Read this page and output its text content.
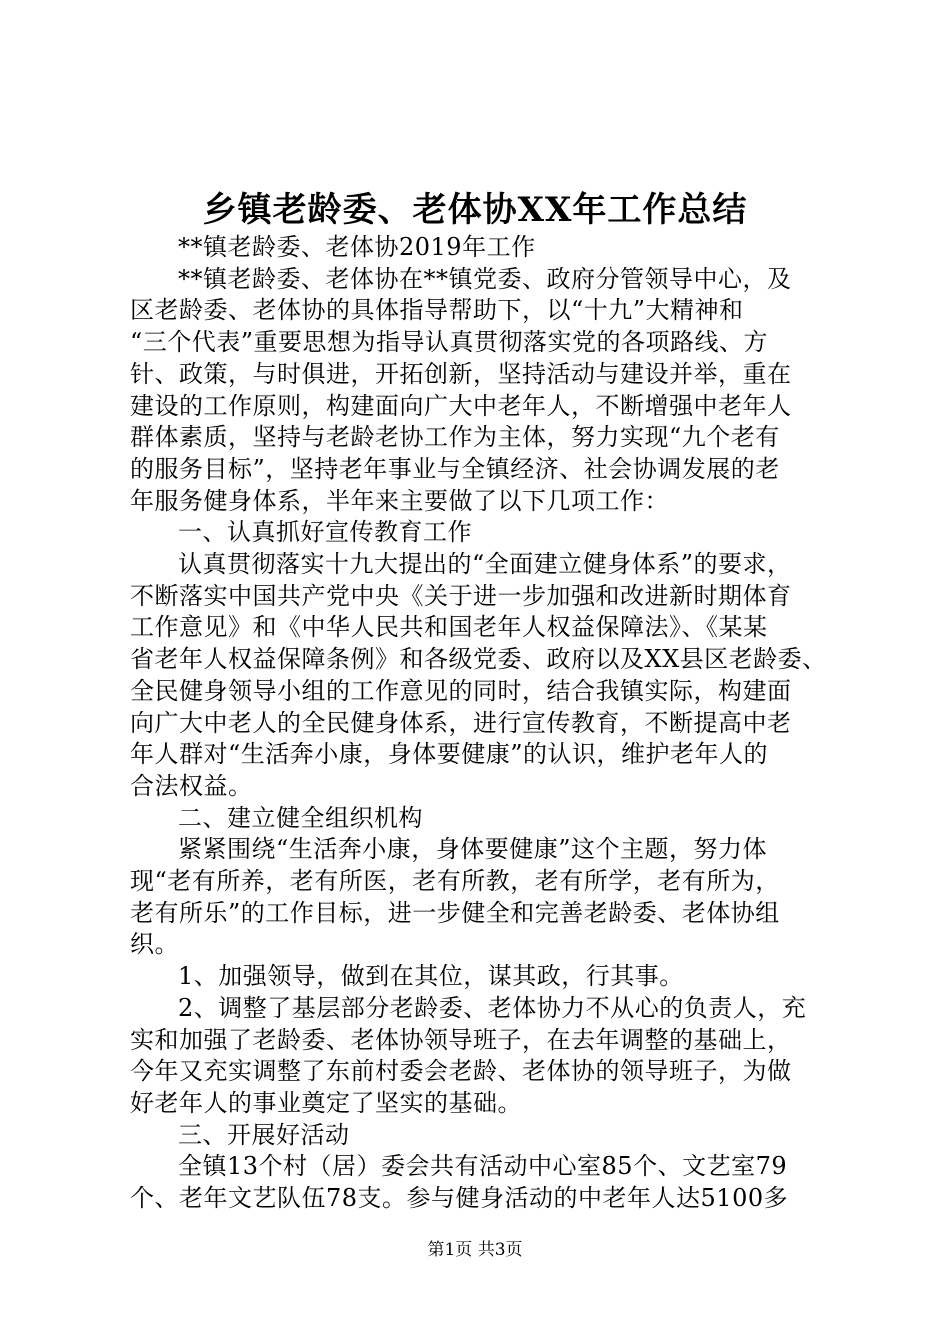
乡镇老龄委、老体协XX年工作总结
**镇老龄委、老体协2019年工作
**镇老龄委、老体协在**镇党委、政府分管领导中心，及
区老龄委、老体协的具体指导帮助下，以“十九”大精神和
“三个代表”重要思想为指导认真贯彻落实党的各项路线、方
针、政策，与时俱进，开拓创新，坚持活动与建设并举，重在
建设的工作原则，构建面向广大中老年人，不断增强中老年人
群体素质，坚持与老龄老协工作为主体，努力实现“九个老有
的服务目标”，坚持老年事业与全镇经济、社会协调发展的老
年服务健身体系，半年来主要做了以下几项工作：
一、认真抓好宣传教育工作
认真贯彻落实十九大提出的“全面建立健身体系”的要求，
不断落实中国共产党中央《关于进一步加强和改进新时期体育
工作意见》和《中华人民共和国老年人权益保障法》、《某某
省老年人权益保障条例》和各级党委、政府以及XX县区老龄委、
全民健身领导小组的工作意见的同时，结合我镇实际，构建面
向广大中老人的全民健身体系，进行宣传教育，不断提高中老
年人群对“生活奔小康，身体要健康”的认识，维护老年人的
合法权益。
二、建立健全组织机构
紧紧围绕“生活奔小康，身体要健康”这个主题，努力体
现“老有所养，老有所医，老有所教，老有所学，老有所为，
老有所乐”的工作目标，进一步健全和完善老龄委、老体协组
织。
1、加强领导，做到在其位，谋其政，行其事。
2、调整了基层部分老龄委、老体协力不从心的负责人，充
实和加强了老龄委、老体协领导班子，在去年调整的基础上，
今年又充实调整了东前村委会老龄、老体协的领导班子，为做
好老年人的事业奠定了坚实的基础。
三、开展好活动
全镇13个村（居）委会共有活动中心室85个、文艺室79
个、老年文艺队伍78支。参与健身活动的中老年人达5100多
第1页 共3页
